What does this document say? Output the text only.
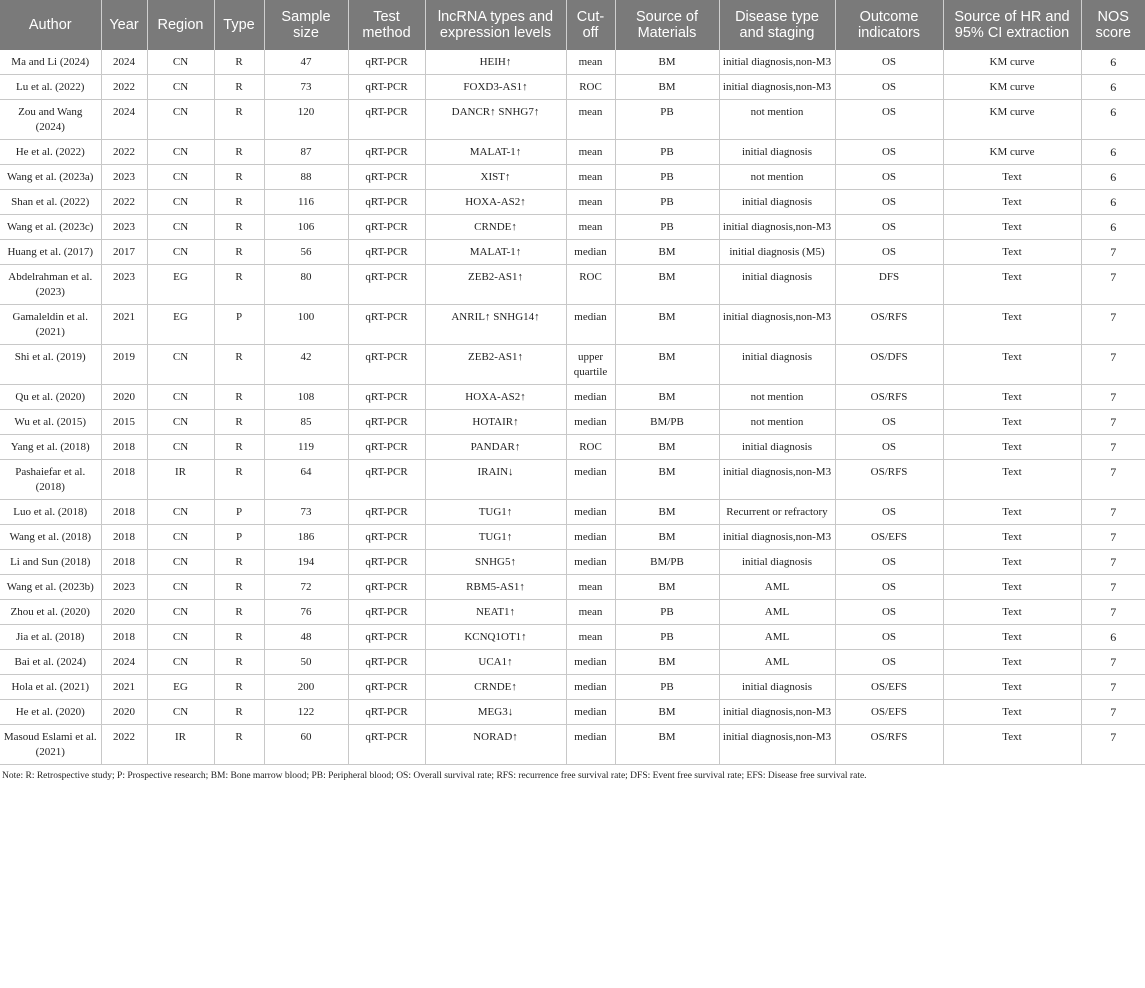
Author	Year	Region	Type	Sample size	Test method	lncRNA types and expression levels	Cut-off	Source of Materials	Disease type and staging	Outcome indicators	Source of HR and 95% CI extraction	NOS score
Ma and Li (2024)	2024	CN	R	47	qRT-PCR	HEIH↑	mean	BM	initial diagnosis,non-M3	OS	KM curve	6
Lu et al. (2022)	2022	CN	R	73	qRT-PCR	FOXD3-AS1↑	ROC	BM	initial diagnosis,non-M3	OS	KM curve	6
Zou and Wang (2024)	2024	CN	R	120	qRT-PCR	DANCR↑ SNHG7↑	mean	PB	not mention	OS	KM curve	6
He et al. (2022)	2022	CN	R	87	qRT-PCR	MALAT-1↑	mean	PB	initial diagnosis	OS	KM curve	6
Wang et al. (2023a)	2023	CN	R	88	qRT-PCR	XIST↑	mean	PB	not mention	OS	Text	6
Shan et al. (2022)	2022	CN	R	116	qRT-PCR	HOXA-AS2↑	mean	PB	initial diagnosis	OS	Text	6
Wang et al. (2023c)	2023	CN	R	106	qRT-PCR	CRNDE↑	mean	PB	initial diagnosis,non-M3	OS	Text	6
Huang et al. (2017)	2017	CN	R	56	qRT-PCR	MALAT-1↑	median	BM	initial diagnosis (M5)	OS	Text	7
Abdelrahman et al. (2023)	2023	EG	R	80	qRT-PCR	ZEB2-AS1↑	ROC	BM	initial diagnosis	DFS	Text	7
Gamaleldin et al. (2021)	2021	EG	P	100	qRT-PCR	ANRIL↑ SNHG14↑	median	BM	initial diagnosis,non-M3	OS/RFS	Text	7
Shi et al. (2019)	2019	CN	R	42	qRT-PCR	ZEB2-AS1↑	upper quartile	BM	initial diagnosis	OS/DFS	Text	7
Qu et al. (2020)	2020	CN	R	108	qRT-PCR	HOXA-AS2↑	median	BM	not mention	OS/RFS	Text	7
Wu et al. (2015)	2015	CN	R	85	qRT-PCR	HOTAIR↑	median	BM/PB	not mention	OS	Text	7
Yang et al. (2018)	2018	CN	R	119	qRT-PCR	PANDAR↑	ROC	BM	initial diagnosis	OS	Text	7
Pashaiefar et al. (2018)	2018	IR	R	64	qRT-PCR	IRAIN↓	median	BM	initial diagnosis,non-M3	OS/RFS	Text	7
Luo et al. (2018)	2018	CN	P	73	qRT-PCR	TUG1↑	median	BM	Recurrent or refractory	OS	Text	7
Wang et al. (2018)	2018	CN	P	186	qRT-PCR	TUG1↑	median	BM	initial diagnosis,non-M3	OS/EFS	Text	7
Li and Sun (2018)	2018	CN	R	194	qRT-PCR	SNHG5↑	median	BM/PB	initial diagnosis	OS	Text	7
Wang et al. (2023b)	2023	CN	R	72	qRT-PCR	RBM5-AS1↑	mean	BM	AML	OS	Text	7
Zhou et al. (2020)	2020	CN	R	76	qRT-PCR	NEAT1↑	mean	PB	AML	OS	Text	7
Jia et al. (2018)	2018	CN	R	48	qRT-PCR	KCNQ1OT1↑	mean	PB	AML	OS	Text	6
Bai et al. (2024)	2024	CN	R	50	qRT-PCR	UCA1↑	median	BM	AML	OS	Text	7
Hola et al. (2021)	2021	EG	R	200	qRT-PCR	CRNDE↑	median	PB	initial diagnosis	OS/EFS	Text	7
He et al. (2020)	2020	CN	R	122	qRT-PCR	MEG3↓	median	BM	initial diagnosis,non-M3	OS/EFS	Text	7
Masoud Eslami et al. (2021)	2022	IR	R	60	qRT-PCR	NORAD↑	median	BM	initial diagnosis,non-M3	OS/RFS	Text	7
Note: R: Retrospective study; P: Prospective research; BM: Bone marrow blood; PB: Peripheral blood; OS: Overall survival rate; RFS: recurrence free survival rate; DFS: Event free survival rate; EFS: Disease free survival rate.
